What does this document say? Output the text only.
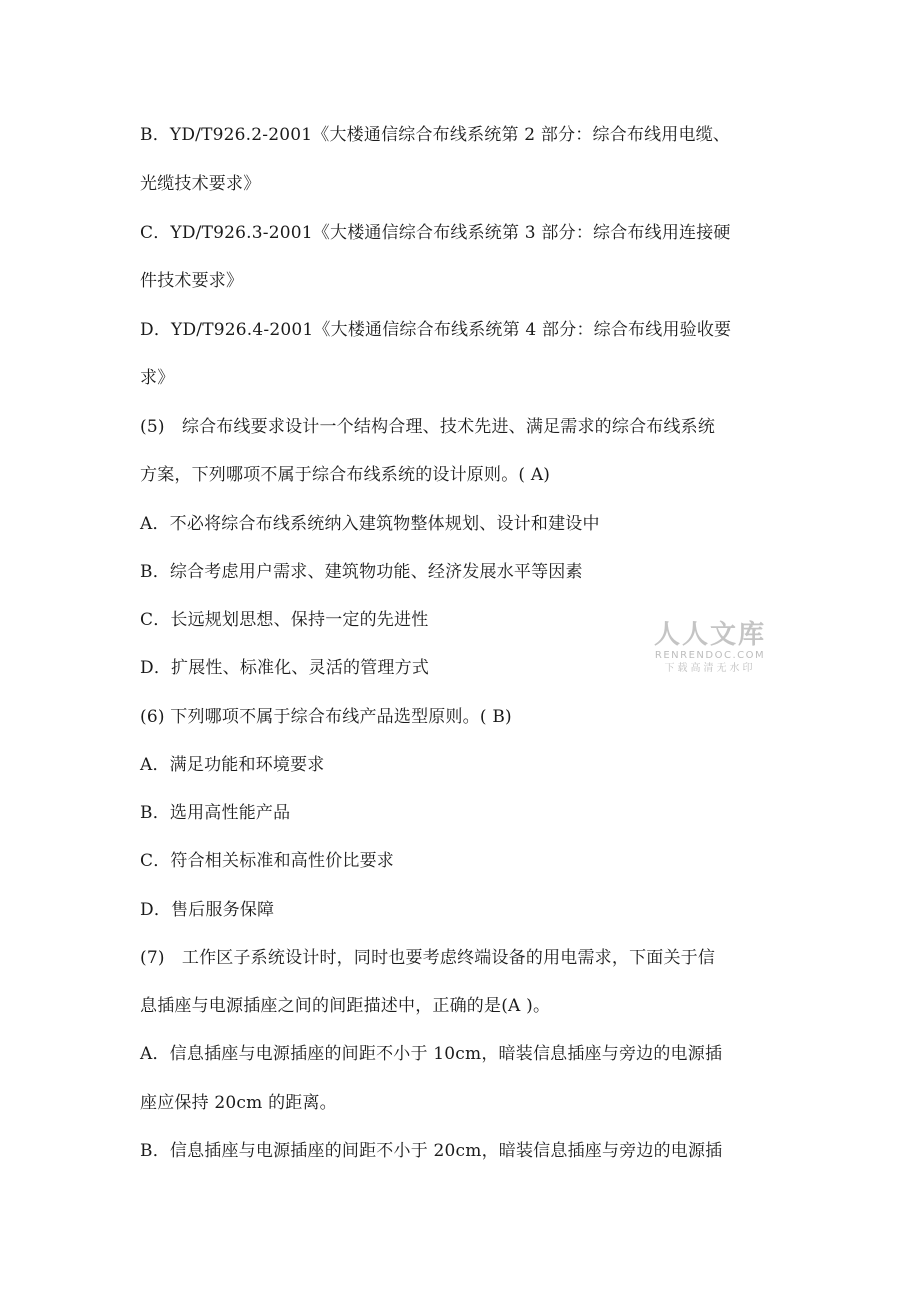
B．YD/T926.2-2001《大楼通信综合布线系统第 2 部分：综合布线用电缆、
光缆技术要求》
C．YD/T926.3-2001《大楼通信综合布线系统第 3 部分：综合布线用连接硬
件技术要求》
D．YD/T926.4-2001《大楼通信综合布线系统第 4 部分：综合布线用验收要
求》
(5)　综合布线要求设计一个结构合理、技术先进、满足需求的综合布线系统
方案，下列哪项不属于综合布线系统的设计原则。( A)
A．不必将综合布线系统纳入建筑物整体规划、设计和建设中
B．综合考虑用户需求、建筑物功能、经济发展水平等因素
C．长远规划思想、保持一定的先进性
D．扩展性、标准化、灵活的管理方式
(6) 下列哪项不属于综合布线产品选型原则。( B)
A．满足功能和环境要求
B．选用高性能产品
C．符合相关标准和高性价比要求
D．售后服务保障
(7)　工作区子系统设计时，同时也要考虑终端设备的用电需求，下面关于信
息插座与电源插座之间的间距描述中，正确的是(A )。
A．信息插座与电源插座的间距不小于 10cm，暗装信息插座与旁边的电源插
座应保持 20cm 的距离。
B．信息插座与电源插座的间距不小于 20cm，暗装信息插座与旁边的电源插
人人文库
RENRENDOC.COM
下载高清无水印
